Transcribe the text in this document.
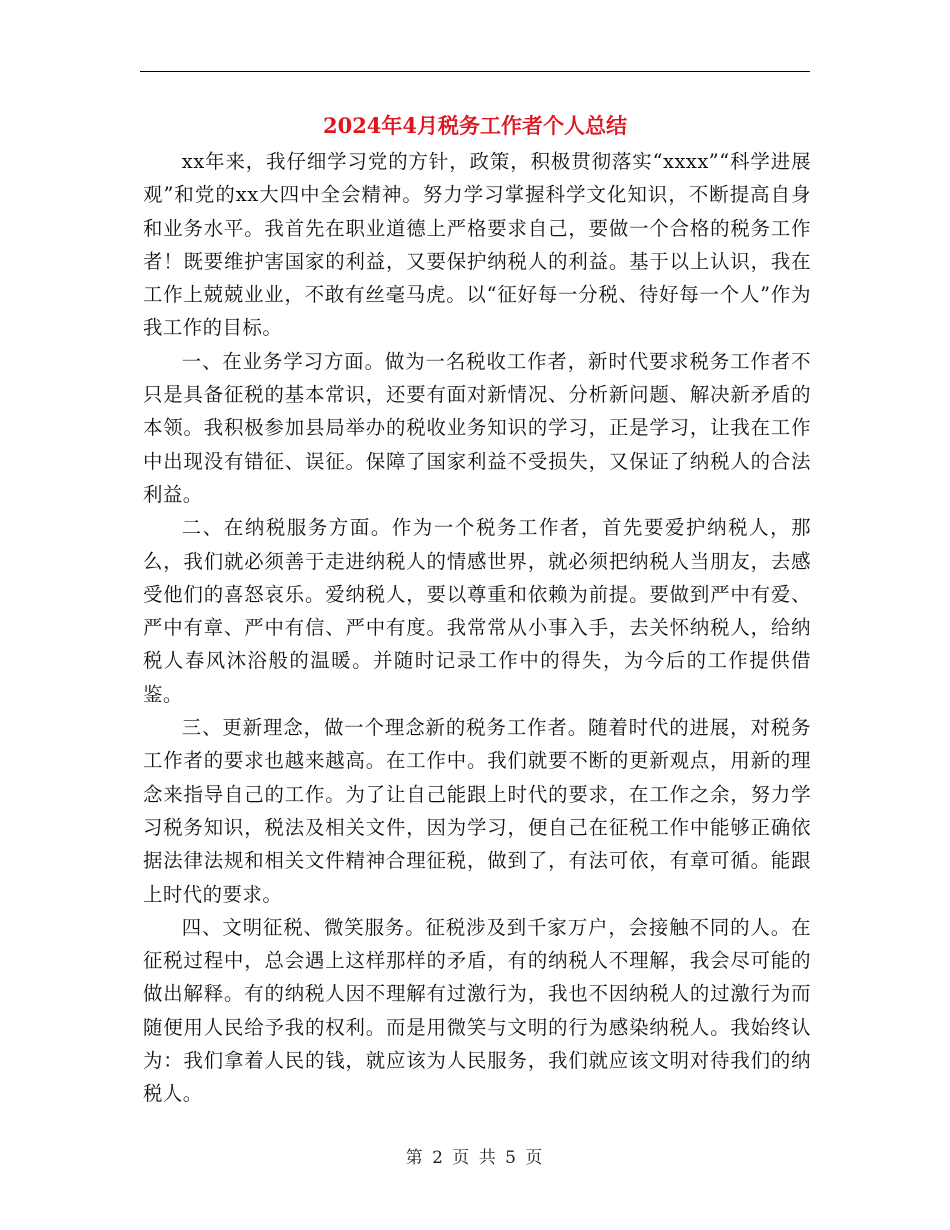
2024年4月税务工作者个人总结

xx年来，我仔细学习党的方针，政策，积极贯彻落实“xxxx”“科学进展观”和党的xx大四中全会精神。努力学习掌握科学文化知识，不断提高自身和业务水平。我首先在职业道德上严格要求自己，要做一个合格的税务工作者！既要维护害国家的利益，又要保护纳税人的利益。基于以上认识，我在工作上兢兢业业，不敢有丝毫马虎。以“征好每一分税、待好每一个人”作为我工作的目标。

一、在业务学习方面。做为一名税收工作者，新时代要求税务工作者不只是具备征税的基本常识，还要有面对新情况、分析新问题、解决新矛盾的本领。我积极参加县局举办的税收业务知识的学习，正是学习，让我在工作中出现没有错征、误征。保障了国家利益不受损失，又保证了纳税人的合法利益。

二、在纳税服务方面。作为一个税务工作者，首先要爱护纳税人，那么，我们就必须善于走进纳税人的情感世界，就必须把纳税人当朋友，去感受他们的喜怒哀乐。爱纳税人，要以尊重和依赖为前提。要做到严中有爱、严中有章、严中有信、严中有度。我常常从小事入手，去关怀纳税人，给纳税人春风沐浴般的温暖。并随时记录工作中的得失，为今后的工作提供借鉴。

三、更新理念，做一个理念新的税务工作者。随着时代的进展，对税务工作者的要求也越来越高。在工作中。我们就要不断的更新观点，用新的理念来指导自己的工作。为了让自己能跟上时代的要求，在工作之余，努力学习税务知识，税法及相关文件，因为学习，便自己在征税工作中能够正确依据法律法规和相关文件精神合理征税，做到了，有法可依，有章可循。能跟上时代的要求。

四、文明征税、微笑服务。征税涉及到千家万户，会接触不同的人。在征税过程中，总会遇上这样那样的矛盾，有的纳税人不理解，我会尽可能的做出解释。有的纳税人因不理解有过激行为，我也不因纳税人的过激行为而随便用人民给予我的权利。而是用微笑与文明的行为感染纳税人。我始终认为：我们拿着人民的钱，就应该为人民服务，我们就应该文明对待我们的纳税人。

第 2 页 共 5 页
